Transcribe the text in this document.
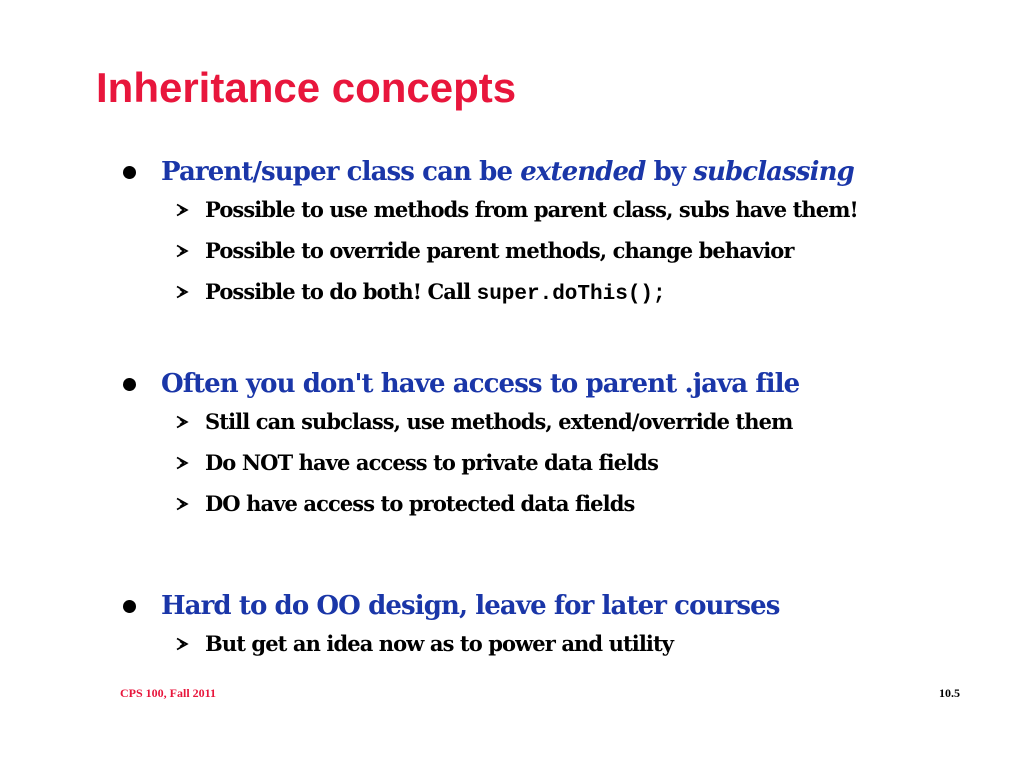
Inheritance concepts
Parent/super class can be extended by subclassing
Possible to use methods from parent class, subs have them!
Possible to override parent methods, change behavior
Possible to do both! Call super.doThis();
Often you don't have access to parent .java file
Still can subclass, use methods, extend/override them
Do NOT have access to private data fields
DO have access to protected data fields
Hard to do OO design, leave for later courses
But get an idea now as to power and utility
CPS 100, Fall 2011	10.5
